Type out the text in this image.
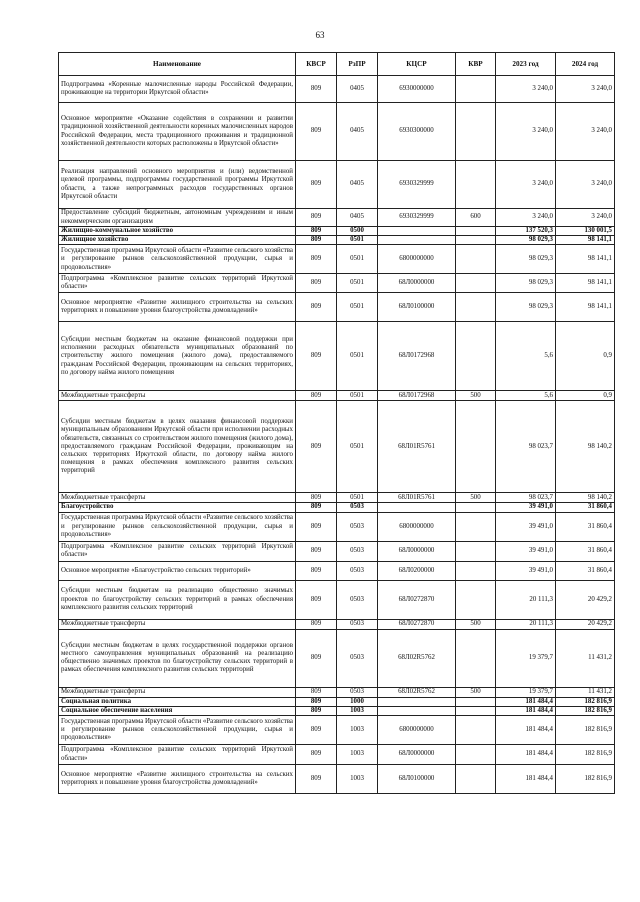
63
Наименование	КВСР	РзПР	КЦСР	КВР	2023 год	2024 год
Подпрограмма «Коренные малочисленные народы Российской Федерации, проживающие на территории Иркутской области»	809	0405	6930000000		3 240,0	3 240,0
Основное мероприятие «Оказание содействия в сохранении и развитии традиционной хозяйственной деятельности коренных малочисленных народов Российской Федерации, места традиционного проживания и традиционной хозяйственной деятельности которых расположены в Иркутской области»	809	0405	6930300000		3 240,0	3 240,0
Реализация направлений основного мероприятия и (или) ведомственной целевой программы, подпрограммы государственной программы Иркутской области, а также непрограммных расходов государственных органов Иркутской области	809	0405	6930329999		3 240,0	3 240,0
Предоставление субсидий бюджетным, автономным учреждениям и иным некоммерческим организациям	809	0405	6930329999	600	3 240,0	3 240,0
Жилищно-коммунальное хозяйство	809	0500			137 520,3	130 001,5
Жилищное хозяйство	809	0501			98 029,3	98 141,1
Государственная программа Иркутской области «Развитие сельского хозяйства и регулирование рынков сельскохозяйственной продукции, сырья и продовольствия»	809	0501	6800000000		98 029,3	98 141,1
Подпрограмма «Комплексное развитие сельских территорий Иркутской области»	809	0501	68Л0000000		98 029,3	98 141,1
Основное мероприятие «Развитие жилищного строительства на сельских территориях и повышение уровня благоустройства домовладений»	809	0501	68Л0100000		98 029,3	98 141,1
Субсидии местным бюджетам на оказание финансовой поддержки при исполнении расходных обязательств муниципальных образований по строительству жилого помещения (жилого дома), предоставляемого гражданам Российской Федерации, проживающим на сельских территориях, по договору найма жилого помещения	809	0501	68Л0172968		5,6	0,9
Межбюджетные трансферты	809	0501	68Л0172968	500	5,6	0,9
Субсидии местным бюджетам в целях оказания финансовой поддержки муниципальным образованиям Иркутской области при исполнении расходных обязательств, связанных со строительством жилого помещения (жилого дома), предоставляемого гражданам Российской Федерации, проживающим на сельских территориях Иркутской области, по договору найма жилого помещения в рамках обеспечения комплексного развития сельских территорий	809	0501	68Л01R5761		98 023,7	98 140,2
Межбюджетные трансферты	809	0501	68Л01R5761	500	98 023,7	98 140,2
Благоустройство	809	0503			39 491,0	31 860,4
Государственная программа Иркутской области «Развитие сельского хозяйства и регулирование рынков сельскохозяйственной продукции, сырья и продовольствия»	809	0503	6800000000		39 491,0	31 860,4
Подпрограмма «Комплексное развитие сельских территорий Иркутской области»	809	0503	68Л0000000		39 491,0	31 860,4
Основное мероприятие «Благоустройство сельских территорий»	809	0503	68Л0200000		39 491,0	31 860,4
Субсидии местным бюджетам на реализацию общественно значимых проектов по благоустройству сельских территорий в рамках обеспечения комплексного развития сельских территорий	809	0503	68Л0272870		20 111,3	20 429,2
Межбюджетные трансферты	809	0503	68Л0272870	500	20 111,3	20 429,2
Субсидии местным бюджетам в целях государственной поддержки органов местного самоуправления муниципальных образований на реализацию общественно значимых проектов по благоустройству сельских территорий в рамках обеспечения комплексного развития сельских территорий	809	0503	68Л02R5762		19 379,7	11 431,2
Межбюджетные трансферты	809	0503	68Л02R5762	500	19 379,7	11 431,2
Социальная политика	809	1000			181 484,4	182 816,9
Социальное обеспечение населения	809	1003			181 484,4	182 816,9
Государственная программа Иркутской области «Развитие сельского хозяйства и регулирование рынков сельскохозяйственной продукции, сырья и продовольствия»	809	1003	6800000000		181 484,4	182 816,9
Подпрограмма «Комплексное развитие сельских территорий Иркутской области»	809	1003	68Л0000000		181 484,4	182 816,9
Основное мероприятие «Развитие жилищного строительства на сельских территориях и повышение уровня благоустройства домовладений»	809	1003	68Л0100000		181 484,4	182 816,9
